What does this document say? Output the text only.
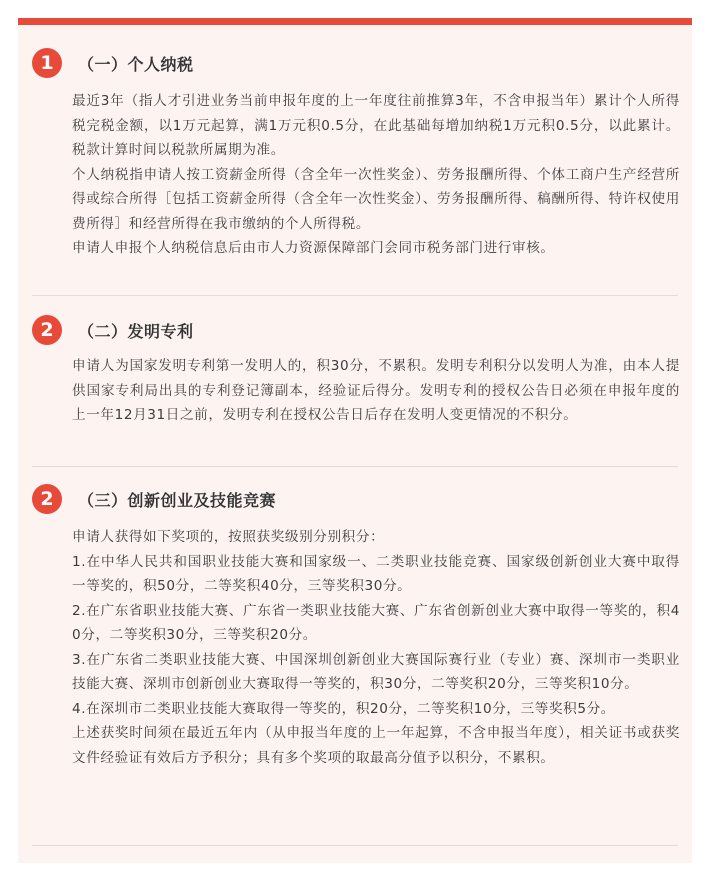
1	（一）个人纳税

最近3年（指人才引进业务当前申报年度的上一年度往前推算3年，不含申报当年）累计个人所得税完税金额，以1万元起算，满1万元积0.5分，在此基础每增加纳税1万元积0.5分，以此累计。税款计算时间以税款所属期为准。

个人纳税指申请人按工资薪金所得（含全年一次性奖金）、劳务报酬所得、个体工商户生产经营所得或综合所得［包括工资薪金所得（含全年一次性奖金）、劳务报酬所得、稿酬所得、特许权使用费所得］和经营所得在我市缴纳的个人所得税。

申请人申报个人纳税信息后由市人力资源保障部门会同市税务部门进行审核。

2	（二）发明专利

申请人为国家发明专利第一发明人的，积30分，不累积。发明专利积分以发明人为准，由本人提供国家专利局出具的专利登记簿副本，经验证后得分。发明专利的授权公告日必须在申报年度的上一年12月31日之前，发明专利在授权公告日后存在发明人变更情况的不积分。

2	（三）创新创业及技能竞赛

申请人获得如下奖项的，按照获奖级别分别积分：

1.在中华人民共和国职业技能大赛和国家级一、二类职业技能竞赛、国家级创新创业大赛中取得一等奖的，积50分，二等奖积40分，三等奖积30分。

2.在广东省职业技能大赛、广东省一类职业技能大赛、广东省创新创业大赛中取得一等奖的，积40分，二等奖积30分，三等奖积20分。

3.在广东省二类职业技能大赛、中国深圳创新创业大赛国际赛行业（专业）赛、深圳市一类职业技能大赛、深圳市创新创业大赛取得一等奖的，积30分，二等奖积20分，三等奖积10分。

4.在深圳市二类职业技能大赛取得一等奖的，积20分，二等奖积10分，三等奖积5分。

上述获奖时间须在最近五年内（从申报当年度的上一年起算，不含申报当年度），相关证书或获奖文件经验证有效后方予积分；具有多个奖项的取最高分值予以积分，不累积。
